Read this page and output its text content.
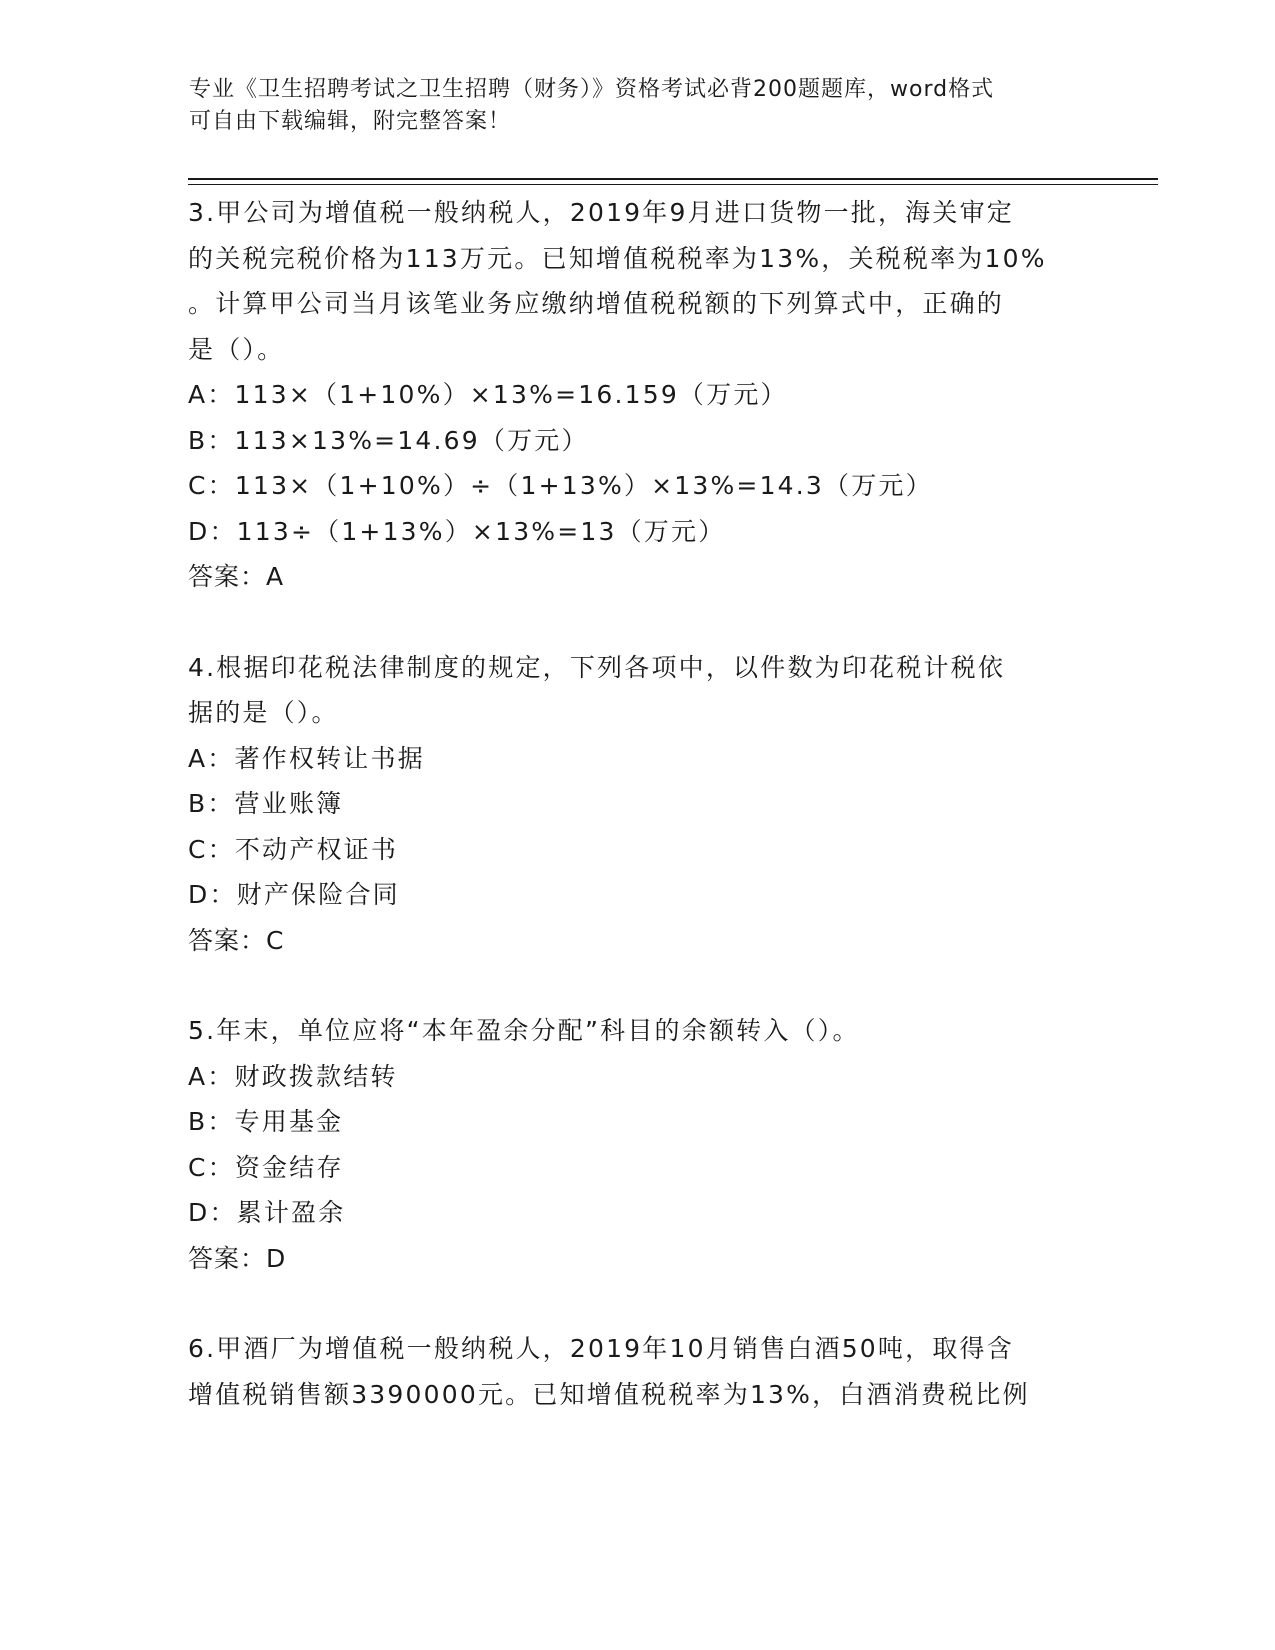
专业《卫生招聘考试之卫生招聘（财务）》资格考试必背200题题库，word格式
可自由下载编辑，附完整答案！
3.甲公司为增值税一般纳税人，2019年9月进口货物一批，海关审定
的关税完税价格为113万元。已知增值税税率为13%，关税税率为10%
。计算甲公司当月该笔业务应缴纳增值税税额的下列算式中，正确的
是（）。
A：113×（1+10%）×13%=16.159（万元）
B：113×13%=14.69（万元）
C：113×（1+10%）÷（1+13%）×13%=14.3（万元）
D：113÷（1+13%）×13%=13（万元）
答案：A
4.根据印花税法律制度的规定，下列各项中，以件数为印花税计税依
据的是（）。
A：著作权转让书据
B：营业账簿
C：不动产权证书
D：财产保险合同
答案：C
5.年末，单位应将“本年盈余分配”科目的余额转入（）。
A：财政拨款结转
B：专用基金
C：资金结存
D：累计盈余
答案：D
6.甲酒厂为增值税一般纳税人，2019年10月销售白酒50吨，取得含
增值税销售额3390000元。已知增值税税率为13%，白酒消费税比例
